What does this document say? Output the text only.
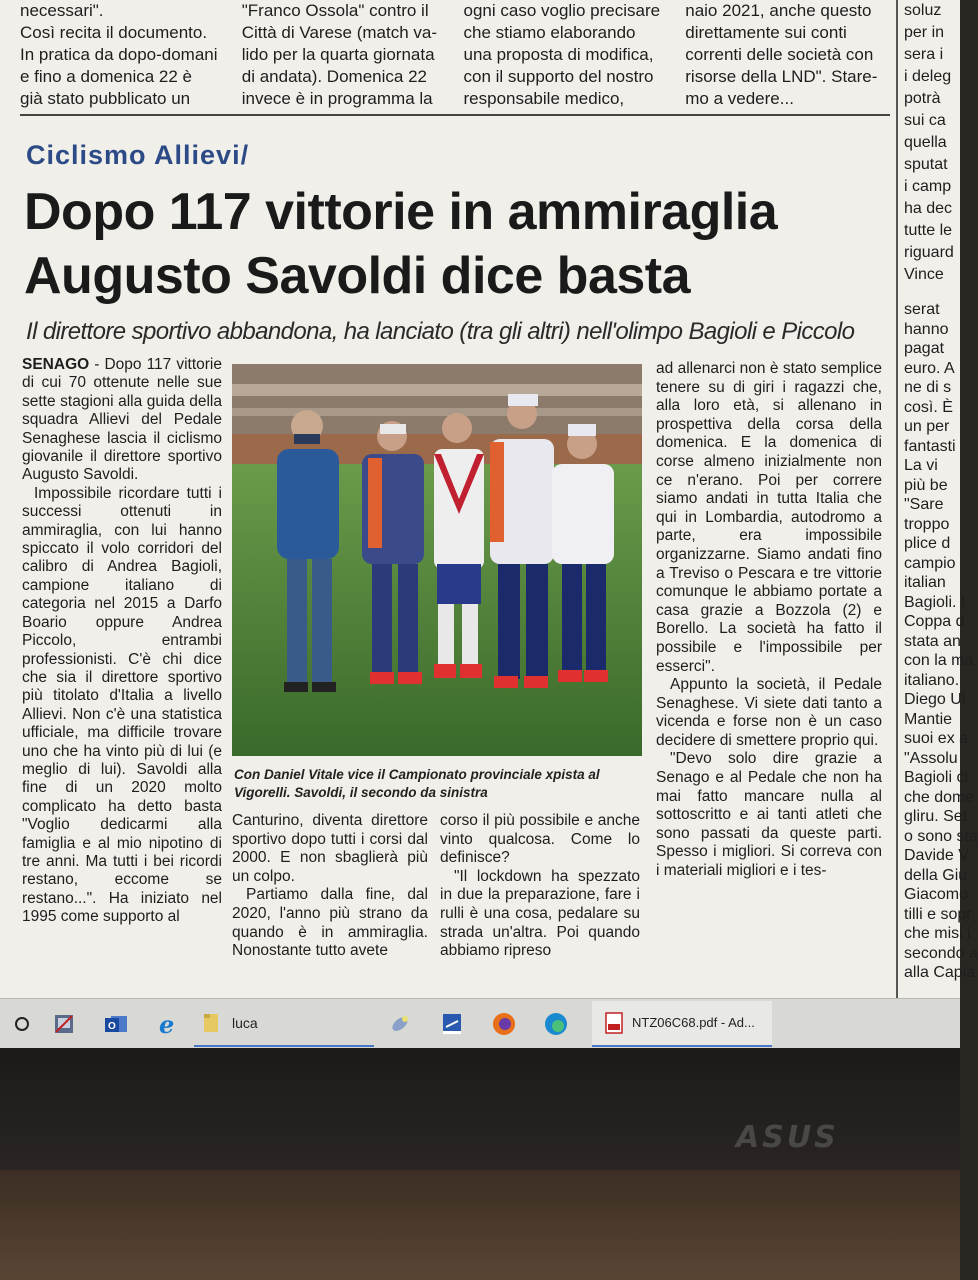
necessari".
Così recita il documento.
In pratica da dopo-domani
e fino a domenica 22 è
già stato pubblicato un

"Franco Ossola" contro il
Città di Varese (match va-
lido per la quarta giornata
di andata). Domenica 22
invece è in programma la

ogni caso voglio precisare
che stiamo elaborando
una proposta di modifica,
con il supporto del nostro
responsabile medico,

naio 2021, anche questo
direttamente sui conti
correnti delle società con
risorse della LND". Stare-
mo a vedere...

Ciclismo Allievi/
Dopo 117 vittorie in ammiraglia
Augusto Savoldi dice basta
Il direttore sportivo abbandona, ha lanciato (tra gli altri) nell'olimpo Bagioli e Piccolo

SENAGO - Dopo 117 vittorie di cui 70 ottenute nelle sue sette stagioni alla guida della squadra Allievi del Pedale Senaghese lascia il ciclismo giovanile il direttore sportivo Augusto Savoldi.

Impossibile ricordare tutti i successi ottenuti in ammiraglia, con lui hanno spiccato il volo corridori del calibro di Andrea Bagioli, campione italiano di categoria nel 2015 a Darfo Boario oppure Andrea Piccolo, entrambi professionisti. C'è chi dice che sia il direttore sportivo più titolato d'Italia a livello Allievi. Non c'è una statistica ufficiale, ma difficile trovare uno che ha vinto più di lui (e meglio di lui). Savoldi alla fine di un 2020 molto complicato ha detto basta "Voglio dedicarmi alla famiglia e al mio nipotino di tre anni. Ma tutti i bei ricordi restano, eccome se restano...". Ha iniziato nel 1995 come supporto al

Con Daniel Vitale vice il Campionato provinciale xpista al Vigorelli. Savoldi, il secondo da sinistra

Canturino, diventa direttore sportivo dopo tutti i corsi dal 2000. E non sbaglierà più un colpo.

Partiamo dalla fine, dal 2020, l'anno più strano da quando è in ammiraglia. Nonostante tutto avete

corso il più possibile e anche vinto qualcosa. Come lo definisce?

"Il lockdown ha spezzato in due la preparazione, fare i rulli è una cosa, pedalare su strada un'altra. Poi quando abbiamo ripreso

ad allenarci non è stato semplice tenere su di giri i ragazzi che, alla loro età, si allenano in prospettiva della corsa della domenica. E la domenica di corse almeno inizialmente non ce n'erano. Poi per correre siamo andati in tutta Italia che qui in Lombardia, autodromo a parte, era impossibile organizzarne. Siamo andati fino a Treviso o Pescara e tre vittorie comunque le abbiamo portate a casa grazie a Bozzola (2) e Borello. La società ha fatto il possibile e l'impossibile per esserci".

Appunto la società, il Pedale Senaghese. Vi siete dati tanto a vicenda e forse non è un caso decidere di smettere proprio qui.

"Devo solo dire grazie a Senago e al Pedale che non ha mai fatto mancare nulla al sottoscritto e ai tanti atleti che sono passati da queste parti. Spesso i migliori. Si correva con i materiali migliori e i tes-

soluz
per in
sera i
i deleg
potrà
sui ca
quella
sputat
i camp
ha dec
tutte le
riguard
Vince
serat
hanno
pagat
euro. A
ne di s
così. È
un per
fantasti
La vi
più be
"Sare
troppo
plice d
campio
italian
Bagioli. I
Coppa d
stata an
con la ma
italiano.
Diego Ul
Mantie
suoi ex a
"Assolu
Bagioli ci
che dome
gliru. Set
o sono sta
Davide V
della Giu
Giacomo
tilli e sopr
che misi i
secondo a
alla Capia
O e	luca	NTZ06C68.pdf - Ad...
ASUS
